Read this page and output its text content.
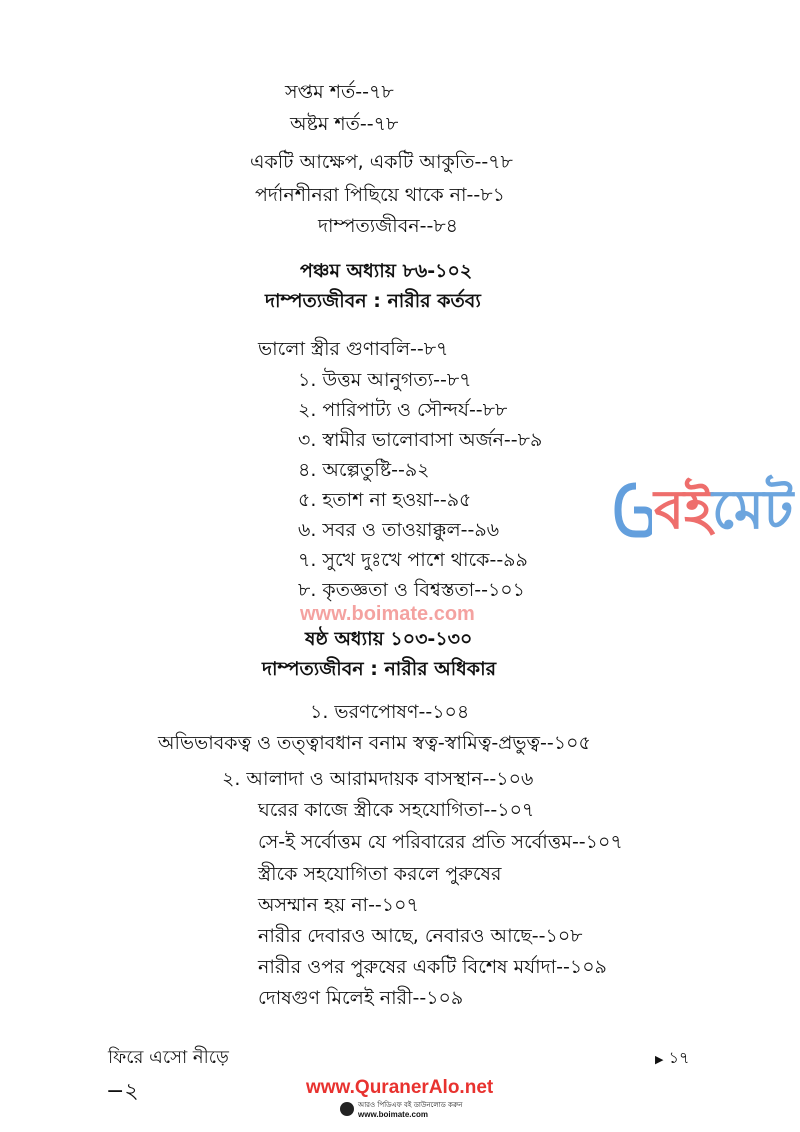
সপ্তম শর্ত--৭৮
অষ্টম শর্ত--৭৮
একটি আক্ষেপ, একটি আকুতি--৭৮
পর্দানশীনরা পিছিয়ে থাকে না--৮১
দাম্পত্যজীবন--৮৪
পঞ্চম অধ্যায় ৮৬-১০২
দাম্পত্যজীবন : নারীর কর্তব্য
ভালো স্ত্রীর গুণাবলি--৮৭
১. উত্তম আনুগত্য--৮৭
২. পারিপাট্য ও সৌন্দর্য--৮৮
৩. স্বামীর ভালোবাসা অর্জন--৮৯
৪. অল্পেতুষ্টি--৯২
৫. হতাশ না হওয়া--৯৫
৬. সবর ও তাওয়াক্কুল--৯৬
৭. সুখে দুঃখে পাশে থাকে--৯৯
৮. কৃতজ্ঞতা ও বিশ্বস্ততা--১০১
ষষ্ঠ অধ্যায় ১০৩-১৩০
দাম্পত্যজীবন : নারীর অধিকার
১. ভরণপোষণ--১০৪
অভিভাবকত্ব ও তত্ত্বাবধান বনাম স্বত্ব-স্বামিত্ব-প্রভুত্ব--১০৫
২. আলাদা ও আরামদায়ক বাসস্থান--১০৬
ঘরের কাজে স্ত্রীকে সহযোগিতা--১০৭
সে-ই সর্বোত্তম যে পরিবারের প্রতি সর্বোত্তম--১০৭
স্ত্রীকে সহযোগিতা করলে পুরুষের
অসম্মান হয় না--১০৭
নারীর দেবারও আছে, নেবারও আছে--১০৮
নারীর ওপর পুরুষের একটি বিশেষ মর্যাদা--১০৯
দোষগুণ মিলেই নারী--১০৯
বইমেট
www.boimate.com
ফিরে এসো নীড়ে	▶ ১৭
−২	www.QuranerAlo.net
আরও পিডিএফ বই ডাউনলোড করুন
www.boimate.com
